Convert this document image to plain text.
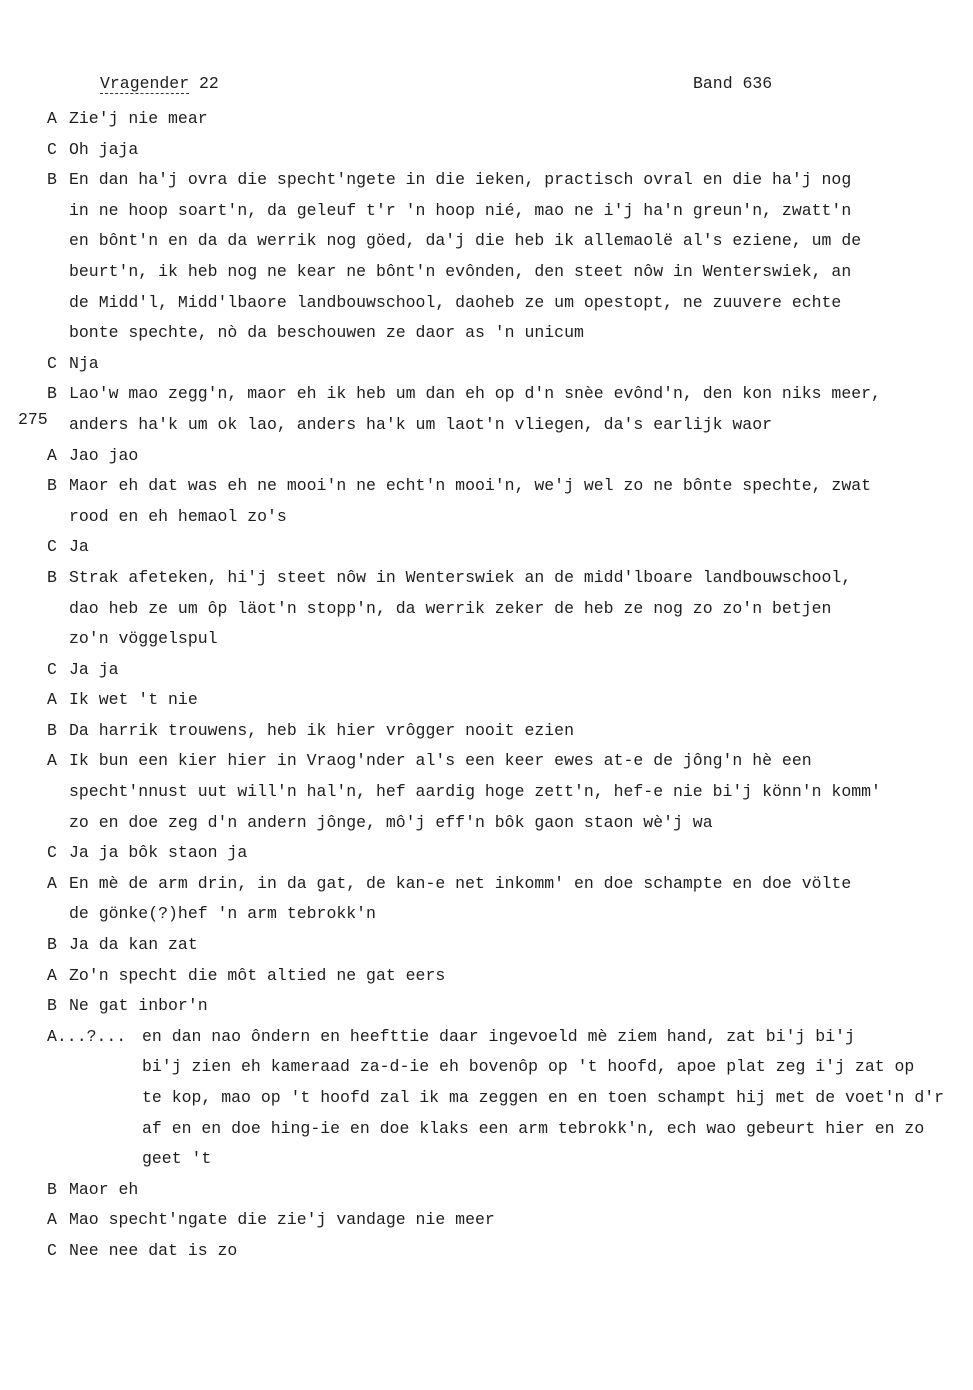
Vragender 22	Band 636
275
A Zie'j nie mear
C Oh jaja
B En dan ha'j ovra die specht'ngete in die ieken, practisch ovral en die ha'j nog
in ne hoop soart'n, da geleuf t'r 'n hoop nié, mao ne i'j ha'n greun'n, zwatt'n
en bônt'n en da da werrik nog göed, da'j die heb ik allemaolë al's eziene, um de
beurt'n, ik heb nog ne kear ne bônt'n evônden, den steet nôw in Wenterswiek, an
de Midd'l, Midd'lbaore landbouwschool, daoheb ze um opestopt, ne zuuvere echte
bonte spechte, nò da beschouwen ze daor as 'n unicum
C Nja
B Lao'w mao zegg'n, maor eh ik heb um dan eh op d'n snèe evônd'n, den kon niks meer,
anders ha'k um ok lao, anders ha'k um laot'n vliegen, da's earlijk waor
A Jao jao
B Maor eh dat was eh ne mooi'n ne echt'n mooi'n, we'j wel zo ne bônte spechte, zwat
rood en eh hemaol zo's
C Ja
B Strak afeteken, hi'j steet nôw in Wenterswiek an de midd'lboare landbouwschool,
dao heb ze um ôp läot'n stopp'n, da werrik zeker de heb ze nog zo zo'n betjen
zo'n vöggelspul
C Ja ja
A Ik wet 't nie
B Da harrik trouwens, heb ik hier vrôgger nooit ezien
A Ik bun een kier hier in Vraog'nder al's een keer ewes at-e de jông'n hè een
specht'nnust uut will'n hal'n, hef aardig hoge zett'n, hef-e nie bi'j könn'n komm'
zo en doe zeg d'n andern jônge, mô'j eff'n bôk gaon staon wè'j wa
C Ja ja bôk staon ja
A En mè de arm drin, in da gat, de kan-e net inkomm' en doe schampte en doe völte
de gönke(?)hef 'n arm tebrokk'n
B Ja da kan zat
A Zo'n specht die môt altied ne gat eers
B Ne gat inbor'n
A...?... en dan nao ôndern en heefttie daar ingevoeld mè ziem hand, zat bi'j bi'j
bi'j zien eh kameraad za-d-ie eh bovenôp op 't hoofd, apoe plat zeg i'j zat op
te kop, mao op 't hoofd zal ik ma zeggen en en toen schampt hij met de voet'n d'r
af en en doe hing-ie en doe klaks een arm tebrokk'n, ech wao gebeurt hier en zo
geet 't
B Maor eh
A Mao specht'ngate die zie'j vandage nie meer
C Nee nee dat is zo
